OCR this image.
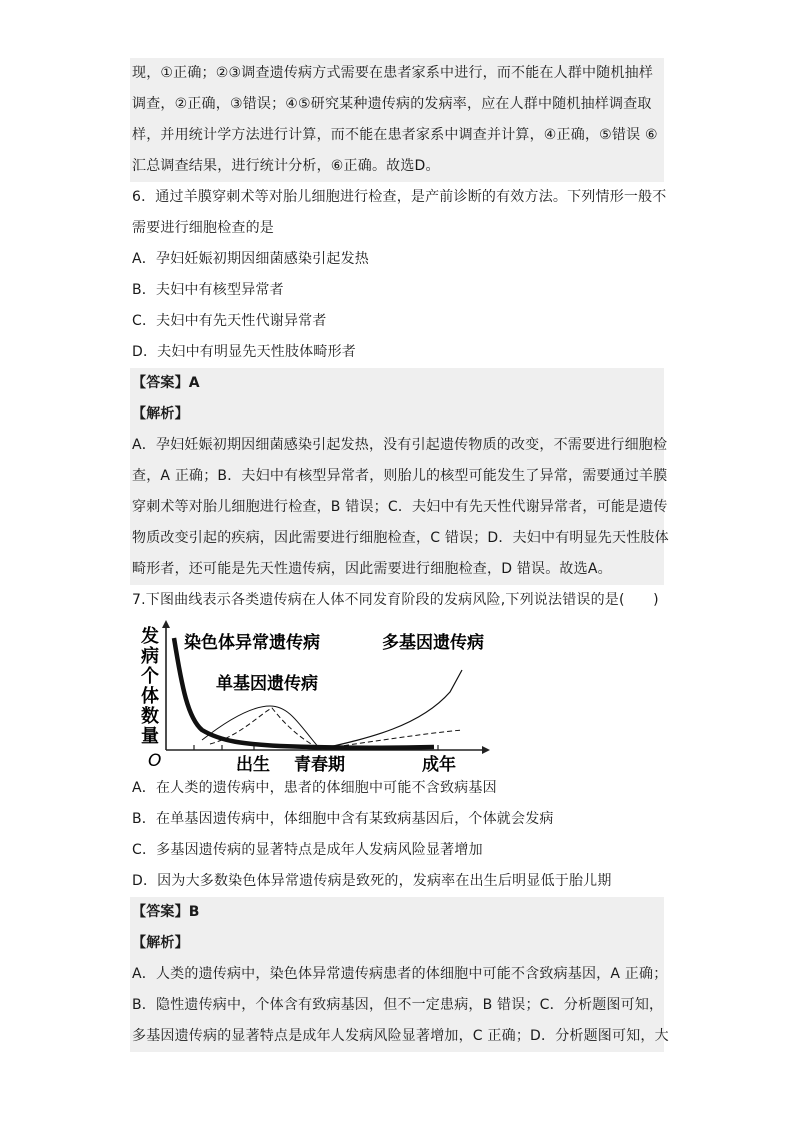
现，①正确；②③调查遗传病方式需要在患者家系中进行，而不能在人群中随机抽样
调查，②正确，③错误；④⑤研究某种遗传病的发病率，应在人群中随机抽样调查取
样，并用统计学方法进行计算，而不能在患者家系中调查并计算，④正确，⑤错误 ⑥
汇总调查结果，进行统计分析，⑥正确。故选D。
6．通过羊膜穿刺术等对胎儿细胞进行检查，是产前诊断的有效方法。下列情形一般不
需要进行细胞检查的是
A．孕妇妊娠初期因细菌感染引起发热
B．夫妇中有核型异常者
C．夫妇中有先天性代谢异常者
D．夫妇中有明显先天性肢体畸形者
【答案】A
【解析】
A．孕妇妊娠初期因细菌感染引起发热，没有引起遗传物质的改变，不需要进行细胞检
查，A 正确；B．夫妇中有核型异常者，则胎儿的核型可能发生了异常，需要通过羊膜
穿刺术等对胎儿细胞进行检查，B 错误；C．夫妇中有先天性代谢异常者，可能是遗传
物质改变引起的疾病，因此需要进行细胞检查，C 错误；D．夫妇中有明显先天性肢体
畸形者，还可能是先天性遗传病，因此需要进行细胞检查，D 错误。故选A。
7.下图曲线表示各类遗传病在人体不同发育阶段的发病风险,下列说法错误的是(　　)
发
病
个
体
数
量
O
染色体异常遗传病	多基因遗传病
单基因遗传病
出生 青春期	成年
A．在人类的遗传病中，患者的体细胞中可能不含致病基因
B．在单基因遗传病中，体细胞中含有某致病基因后，个体就会发病
C．多基因遗传病的显著特点是成年人发病风险显著增加
D．因为大多数染色体异常遗传病是致死的，发病率在出生后明显低于胎儿期
【答案】B
【解析】
A．人类的遗传病中，染色体异常遗传病患者的体细胞中可能不含致病基因，A 正确；
B．隐性遗传病中，个体含有致病基因，但不一定患病，B 错误；C．分析题图可知，
多基因遗传病的显著特点是成年人发病风险显著增加，C 正确；D．分析题图可知，大
